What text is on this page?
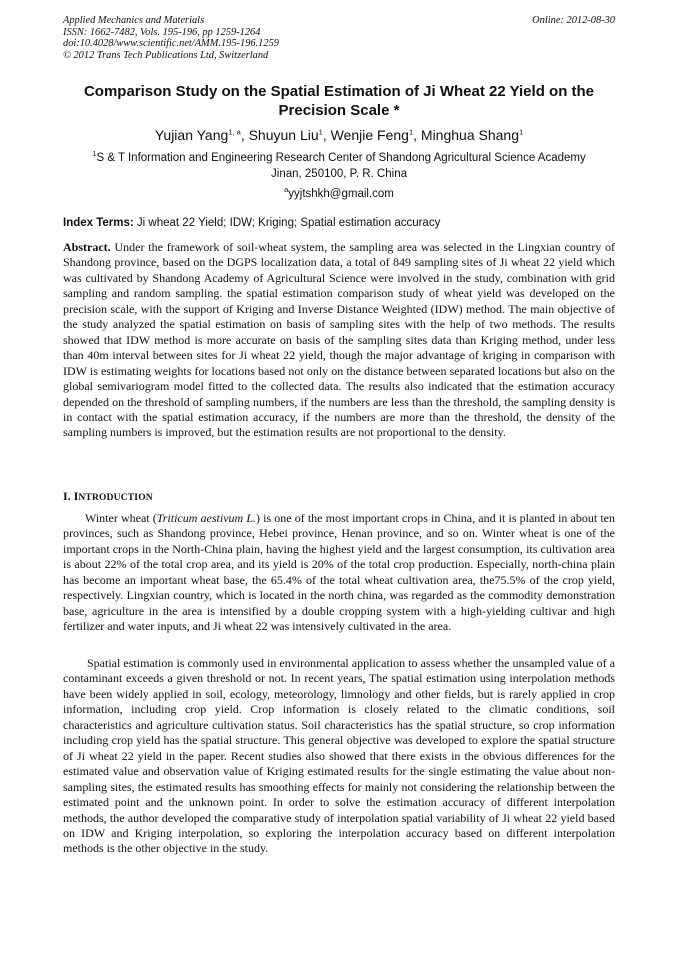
Applied Mechanics and Materials
ISSN: 1662-7482, Vols. 195-196, pp 1259-1264
doi:10.4028/www.scientific.net/AMM.195-196.1259
© 2012 Trans Tech Publications Ltd, Switzerland
Online: 2012-08-30
Comparison Study on the Spatial Estimation of Ji Wheat 22 Yield on the Precision Scale *
Yujian Yang$^{1, a}$, Shuyun Liu$^1$, Wenjie Feng$^1$, Minghua Shang$^1$
$^1$S & T Information and Engineering Research Center of Shandong Agricultural Science Academy
Jinan, 250100, P. R. China
$^a$yyjtshkh@gmail.com
Index Terms: Ji wheat 22 Yield; IDW; Kriging; Spatial estimation accuracy
Abstract. Under the framework of soil-wheat system, the sampling area was selected in the Lingxian country of Shandong province, based on the DGPS localization data, a total of 849 sampling sites of Ji wheat 22 yield which was cultivated by Shandong Academy of Agricultural Science were involved in the study, combination with grid sampling and random sampling. the spatial estimation comparison study of wheat yield was developed on the precision scale, with the support of Kriging and Inverse Distance Weighted (IDW) method. The main objective of the study analyzed the spatial estimation on basis of sampling sites with the help of two methods. The results showed that IDW method is more accurate on basis of the sampling sites data than Kriging method, under less than 40m interval between sites for Ji wheat 22 yield, though the major advantage of kriging in comparison with IDW is estimating weights for locations based not only on the distance between separated locations but also on the global semivariogram model fitted to the collected data. The results also indicated that the estimation accuracy depended on the threshold of sampling numbers, if the numbers are less than the threshold, the sampling density is in contact with the spatial estimation accuracy, if the numbers are more than the threshold, the density of the sampling numbers is improved, but the estimation results are not proportional to the density.
I. INTRODUCTION
Winter wheat (Triticum aestivum L.) is one of the most important crops in China, and it is planted in about ten provinces, such as Shandong province, Hebei province, Henan province, and so on. Winter wheat is one of the important crops in the North-China plain, having the highest yield and the largest consumption, its cultivation area is about 22% of the total crop area, and its yield is 20% of the total crop production. Especially, north-china plain has become an important wheat base, the 65.4% of the total wheat cultivation area, the75.5% of the crop yield, respectively. Lingxian country, which is located in the north china, was regarded as the commodity demonstration base, agriculture in the area is intensified by a double cropping system with a high-yielding cultivar and high fertilizer and water inputs, and Ji wheat 22 was intensively cultivated in the area.
Spatial estimation is commonly used in environmental application to assess whether the unsampled value of a contaminant exceeds a given threshold or not. In recent years, The spatial estimation using interpolation methods have been widely applied in soil, ecology, meteorology, limnology and other fields, but is rarely applied in crop information, including crop yield. Crop information is closely related to the climatic conditions, soil characteristics and agriculture cultivation status. Soil characteristics has the spatial structure, so crop information including crop yield has the spatial structure. This general objective was developed to explore the spatial structure of Ji wheat 22 yield in the paper. Recent studies also showed that there exists in the obvious differences for the estimated value and observation value of Kriging estimated results for the single estimating the value about non-sampling sites, the estimated results has smoothing effects for mainly not considering the relationship between the estimated point and the unknown point. In order to solve the estimation accuracy of different interpolation methods, the author developed the comparative study of interpolation spatial variability of Ji wheat 22 yield based on IDW and Kriging interpolation, so exploring the interpolation accuracy based on different interpolation methods is the other objective in the study.
